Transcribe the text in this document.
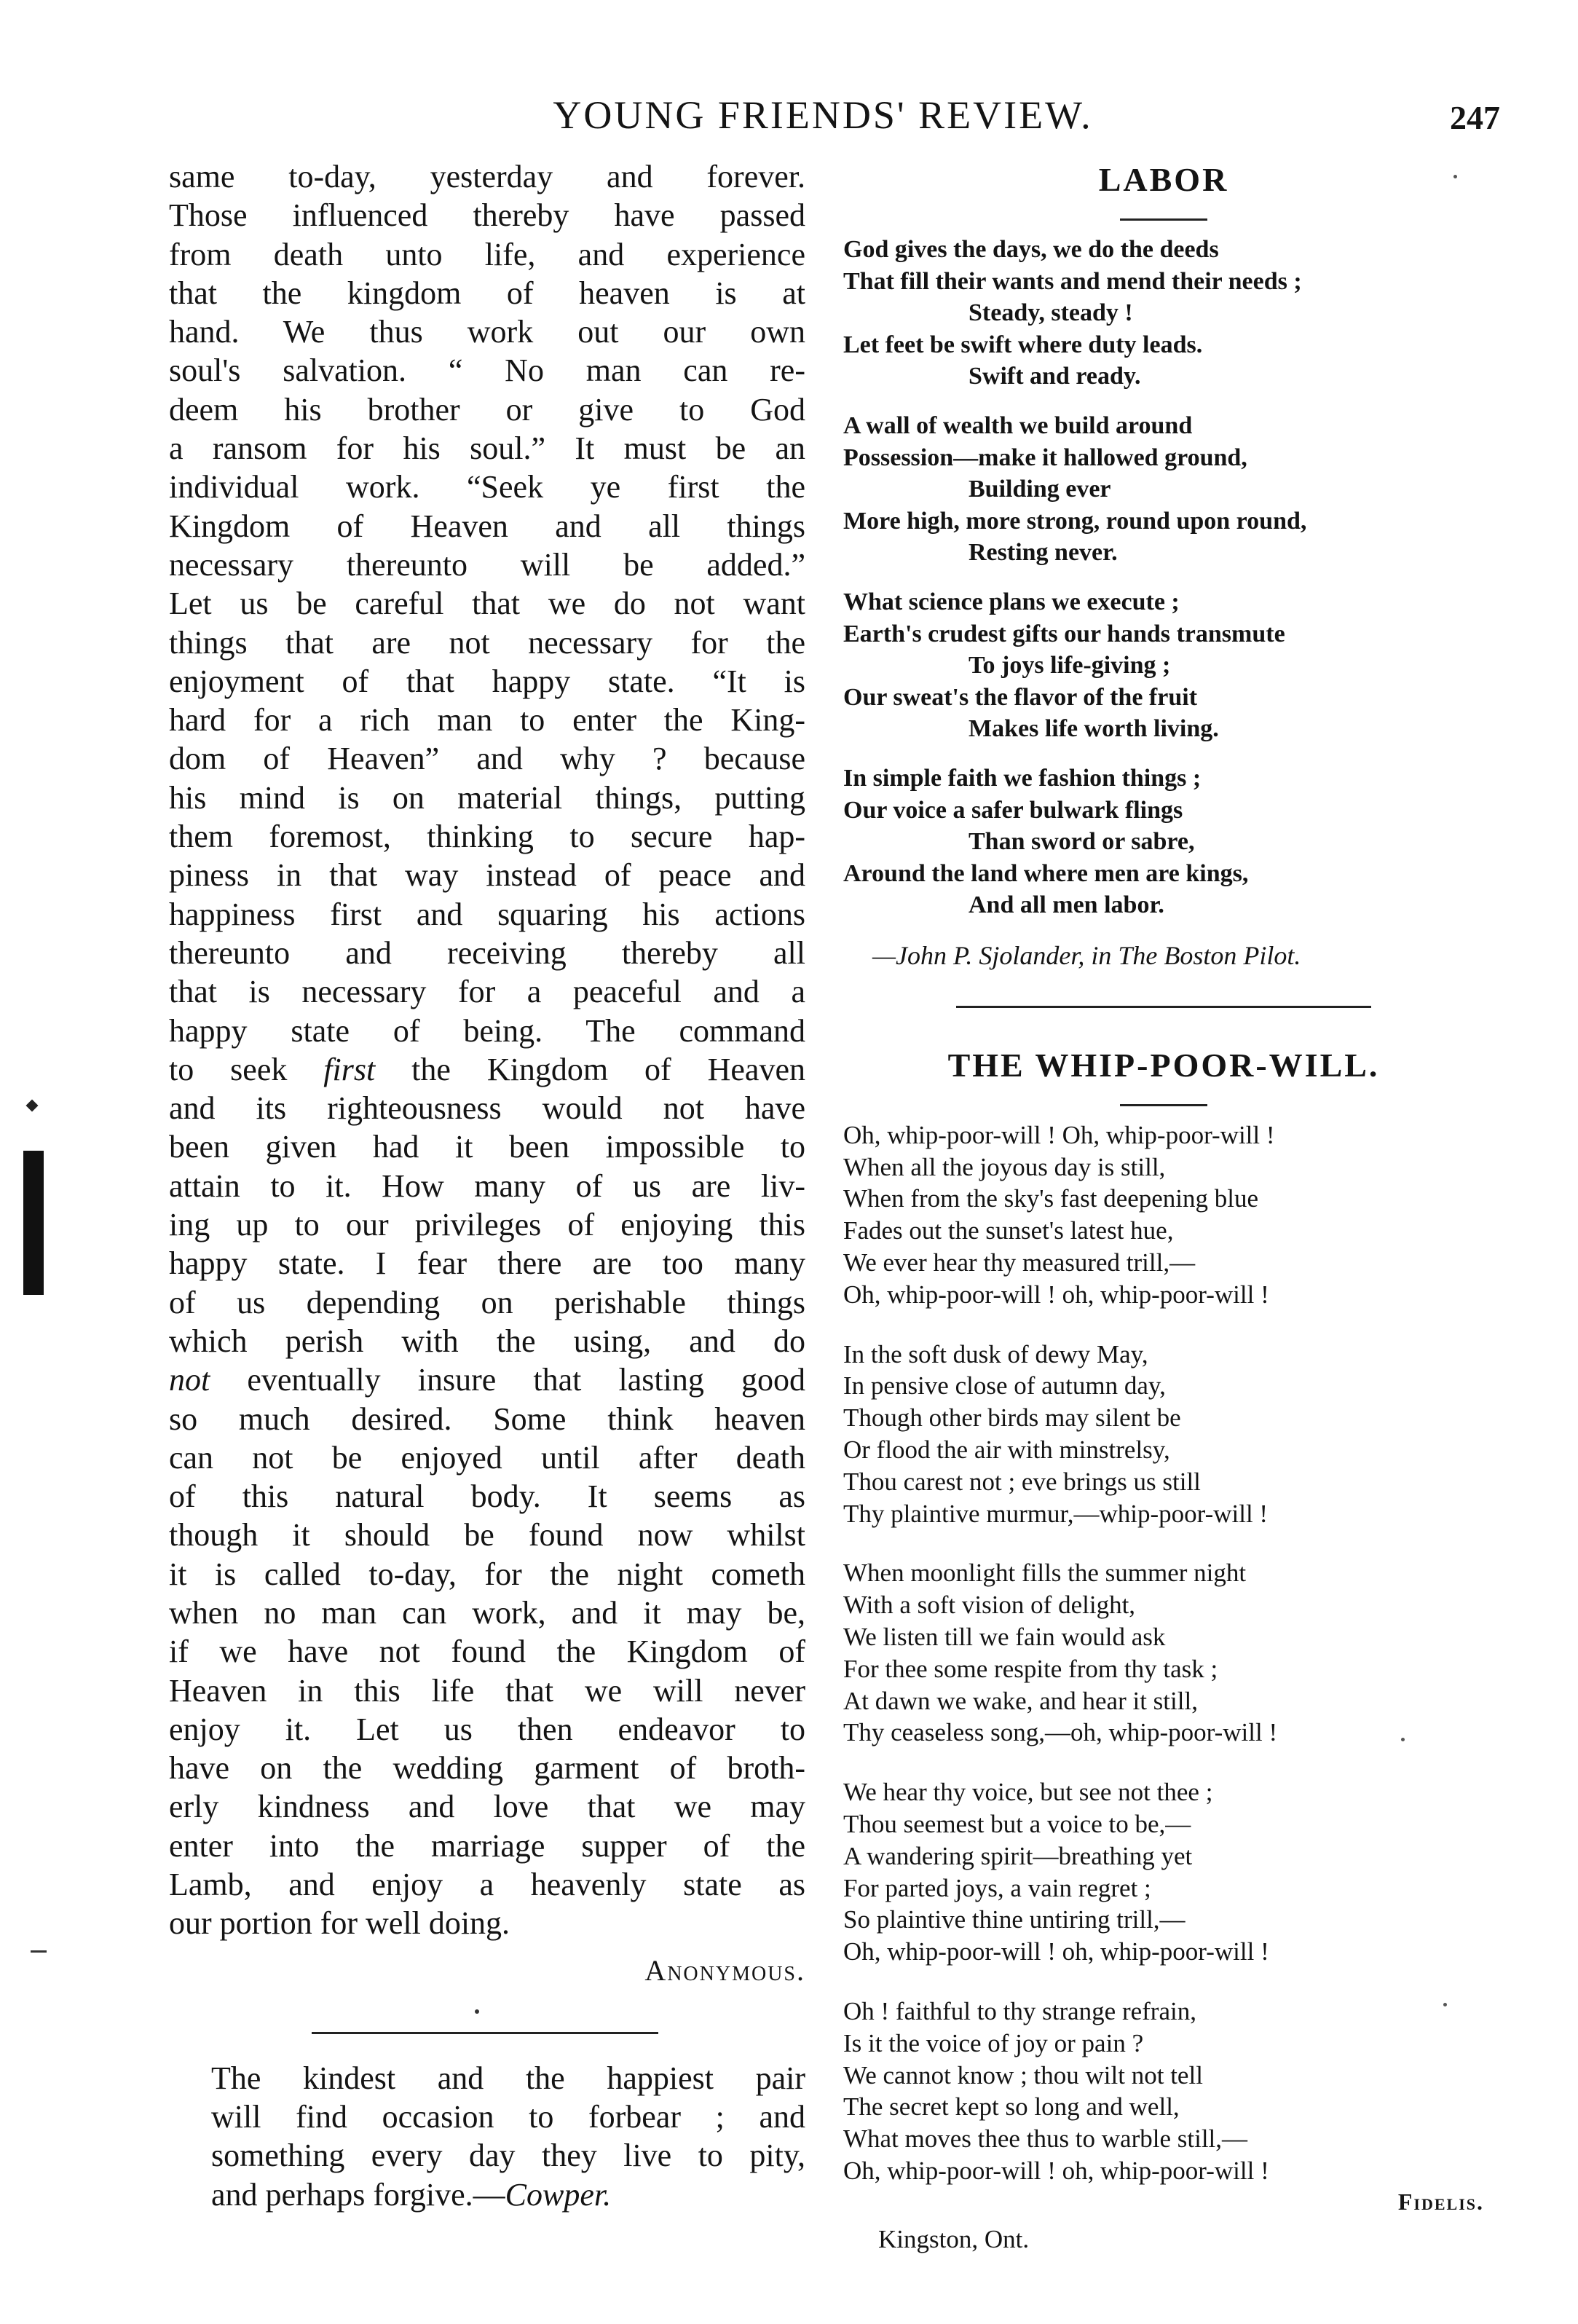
YOUNG FRIENDS' REVIEW.	247

same to-day, yesterday and forever.
Those influenced thereby have passed
from death unto life, and experience
that the kingdom of heaven is at
hand. We thus work out our own
soul's salvation. “ No man can re-
deem his brother or give to God
a ransom for his soul.” It must be an
individual work. “Seek ye first the
Kingdom of Heaven and all things
necessary thereunto will be added.”
Let us be careful that we do not want
things that are not necessary for the
enjoyment of that happy state. “It is
hard for a rich man to enter the King-
dom of Heaven” and why ? because
his mind is on material things, putting
them foremost, thinking to secure hap-
piness in that way instead of peace and
happiness first and squaring his actions
thereunto and receiving thereby all
that is necessary for a peaceful and a
happy state of being. The command
to seek first the Kingdom of Heaven
and its righteousness would not have
been given had it been impossible to
attain to it. How many of us are liv-
ing up to our privileges of enjoying this
happy state. I fear there are too many
of us depending on perishable things
which perish with the using, and do
not eventually insure that lasting good
so much desired. Some think heaven
can not be enjoyed until after death
of this natural body. It seems as
though it should be found now whilst
it is called to-day, for the night cometh
when no man can work, and it may be,
if we have not found the Kingdom of
Heaven in this life that we will never
enjoy it. Let us then endeavor to
have on the wedding garment of broth-
erly kindness and love that we may
enter into the marriage supper of the
Lamb, and enjoy a heavenly state as
our portion for well doing.

Anonymous.
The kindest and the happiest pair
will find occasion to forbear ; and
something every day they live to pity,
and perhaps forgive.—Cowper.
LABOR
God gives the days, we do the deeds
That fill their wants and mend their needs ;
Steady, steady !
Let feet be swift where duty leads.
Swift and ready.
A wall of wealth we build around
Possession—make it hallowed ground,
Building ever
More high, more strong, round upon round,
Resting never.
What science plans we execute ;
Earth's crudest gifts our hands transmute
To joys life-giving ;
Our sweat's the flavor of the fruit
Makes life worth living.
In simple faith we fashion things ;
Our voice a safer bulwark flings
Than sword or sabre,
Around the land where men are kings,
And all men labor.
—John P. Sjolander, in The Boston Pilot.
THE WHIP-POOR-WILL.
Oh, whip-poor-will ! Oh, whip-poor-will !
When all the joyous day is still,
When from the sky's fast deepening blue
Fades out the sunset's latest hue,
We ever hear thy measured trill,—
Oh, whip-poor-will ! oh, whip-poor-will !
In the soft dusk of dewy May,
In pensive close of autumn day,
Though other birds may silent be
Or flood the air with minstrelsy,
Thou carest not ; eve brings us still
Thy plaintive murmur,—whip-poor-will !
When moonlight fills the summer night
With a soft vision of delight,
We listen till we fain would ask
For thee some respite from thy task ;
At dawn we wake, and hear it still,
Thy ceaseless song,—oh, whip-poor-will !
We hear thy voice, but see not thee ;
Thou seemest but a voice to be,—
A wandering spirit—breathing yet
For parted joys, a vain regret ;
So plaintive thine untiring trill,—
Oh, whip-poor-will ! oh, whip-poor-will !
Oh ! faithful to thy strange refrain,
Is it the voice of joy or pain ?
We cannot know ; thou wilt not tell
The secret kept so long and well,
What moves thee thus to warble still,—
Oh, whip-poor-will ! oh, whip-poor-will !
Fidelis.
Kingston, Ont.
